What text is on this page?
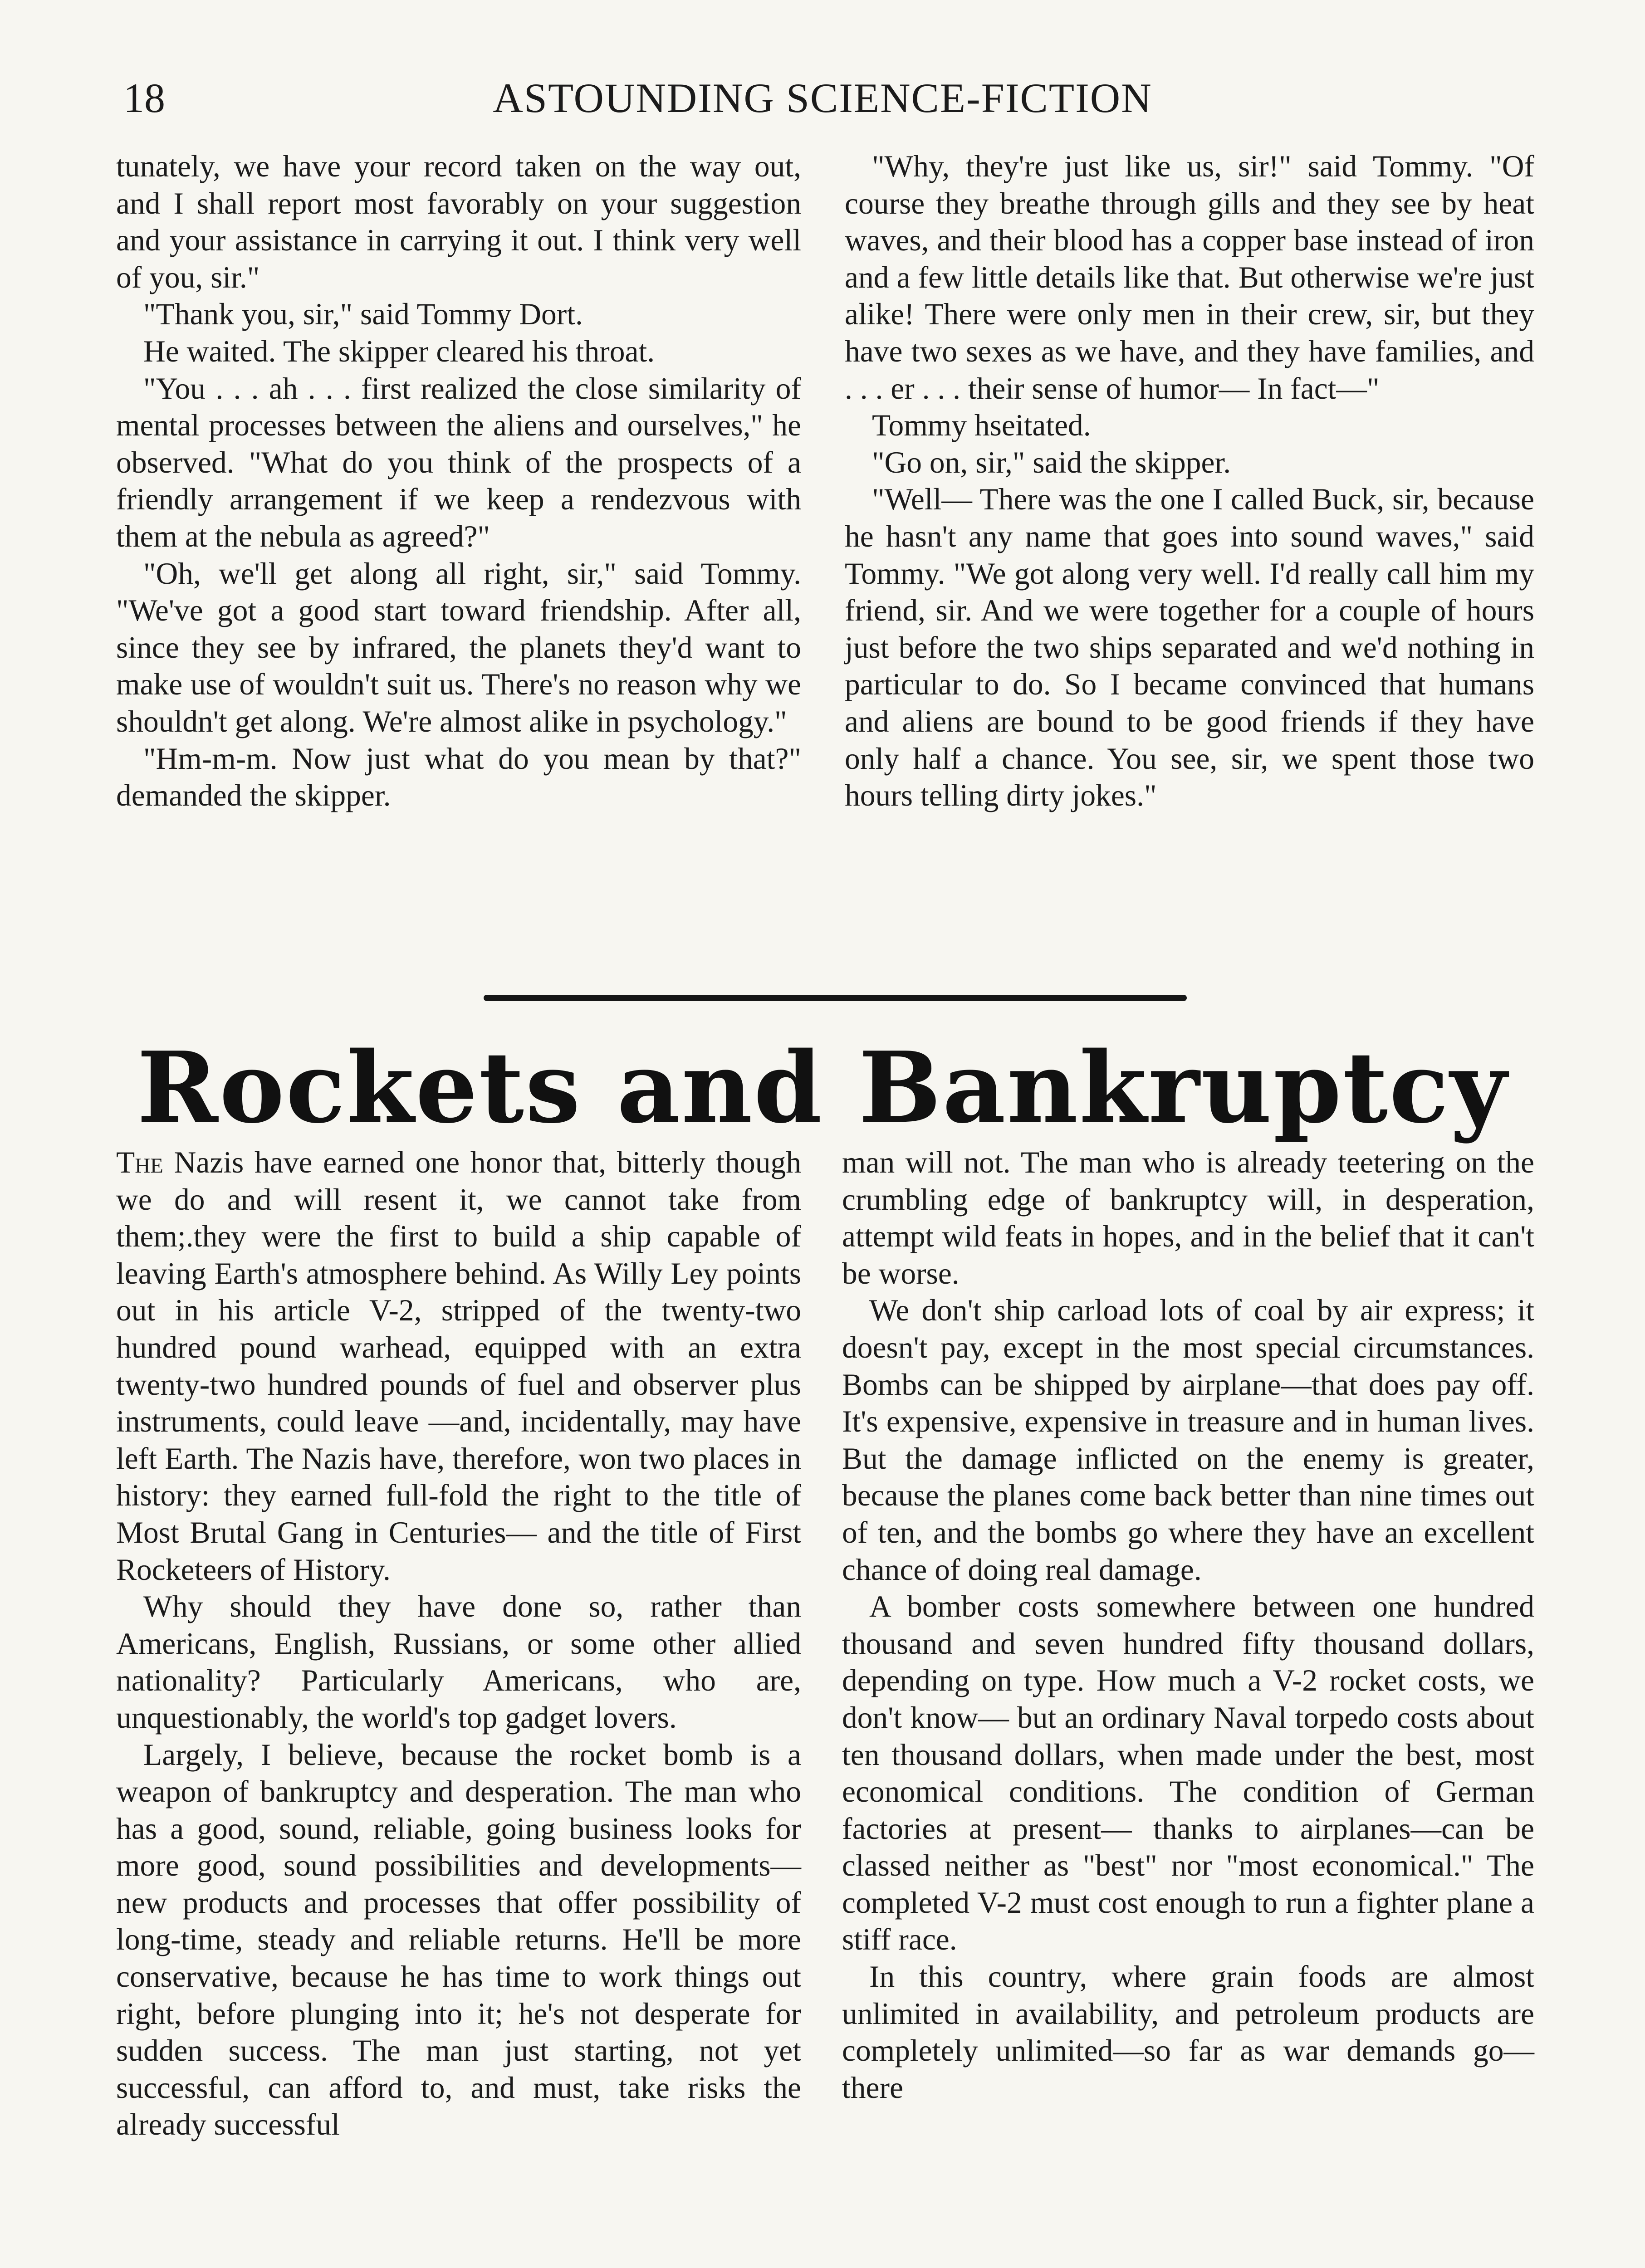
18	ASTOUNDING SCIENCE-FICTION

tunately, we have your record taken on the way out, and I shall report most favorably on your suggestion and your assistance in carrying it out. I think very well of you, sir."

"Thank you, sir," said Tommy Dort.

He waited. The skipper cleared his throat.

"You . . . ah . . . first realized the close similarity of mental processes between the aliens and ourselves," he observed. "What do you think of the prospects of a friendly arrangement if we keep a rendezvous with them at the nebula as agreed?"

"Oh, we'll get along all right, sir," said Tommy. "We've got a good start toward friendship. After all, since they see by infrared, the planets they'd want to make use of wouldn't suit us. There's no reason why we shouldn't get along. We're almost alike in psychology."

"Hm-m-m. Now just what do you mean by that?" demanded the skipper.

"Why, they're just like us, sir!" said Tommy. "Of course they breathe through gills and they see by heat waves, and their blood has a copper base instead of iron and a few little details like that. But otherwise we're just alike! There were only men in their crew, sir, but they have two sexes as we have, and they have families, and . . . er . . . their sense of humor— In fact—"

Tommy hseitated.

"Go on, sir," said the skipper.

"Well— There was the one I called Buck, sir, because he hasn't any name that goes into sound waves," said Tommy. "We got along very well. I'd really call him my friend, sir. And we were together for a couple of hours just before the two ships separated and we'd nothing in particular to do. So I became convinced that humans and aliens are bound to be good friends if they have only half a chance. You see, sir, we spent those two hours telling dirty jokes."

Rockets and Bankruptcy

The Nazis have earned one honor that, bitterly though we do and will resent it, we cannot take from them;.they were the first to build a ship capable of leaving Earth's atmosphere behind. As Willy Ley points out in his article V-2, stripped of the twenty-two hundred pound warhead, equipped with an extra twenty-two hundred pounds of fuel and observer plus instruments, could leave —and, incidentally, may have left Earth. The Nazis have, therefore, won two places in history: they earned full-fold the right to the title of Most Brutal Gang in Centuries— and the title of First Rocketeers of History.

Why should they have done so, rather than Americans, English, Russians, or some other allied nationality? Particularly Americans, who are, unquestionably, the world's top gadget lovers.

Largely, I believe, because the rocket bomb is a weapon of bankruptcy and desperation. The man who has a good, sound, reliable, going business looks for more good, sound possibilities and developments—new products and processes that offer possibility of long-time, steady and reliable returns. He'll be more conservative, because he has time to work things out right, before plunging into it; he's not desperate for sudden success. The man just starting, not yet successful, can afford to, and must, take risks the already successful

man will not. The man who is already teetering on the crumbling edge of bankruptcy will, in desperation, attempt wild feats in hopes, and in the belief that it can't be worse.

We don't ship carload lots of coal by air express; it doesn't pay, except in the most special circumstances. Bombs can be shipped by airplane—that does pay off. It's expensive, expensive in treasure and in human lives. But the damage inflicted on the enemy is greater, because the planes come back better than nine times out of ten, and the bombs go where they have an excellent chance of doing real damage.

A bomber costs somewhere between one hundred thousand and seven hundred fifty thousand dollars, depending on type. How much a V-2 rocket costs, we don't know— but an ordinary Naval torpedo costs about ten thousand dollars, when made under the best, most economical conditions. The condition of German factories at present— thanks to airplanes—can be classed neither as "best" nor "most economical." The completed V-2 must cost enough to run a fighter plane a stiff race.

In this country, where grain foods are almost unlimited in availability, and petroleum products are completely unlimited—so far as war demands go—there
